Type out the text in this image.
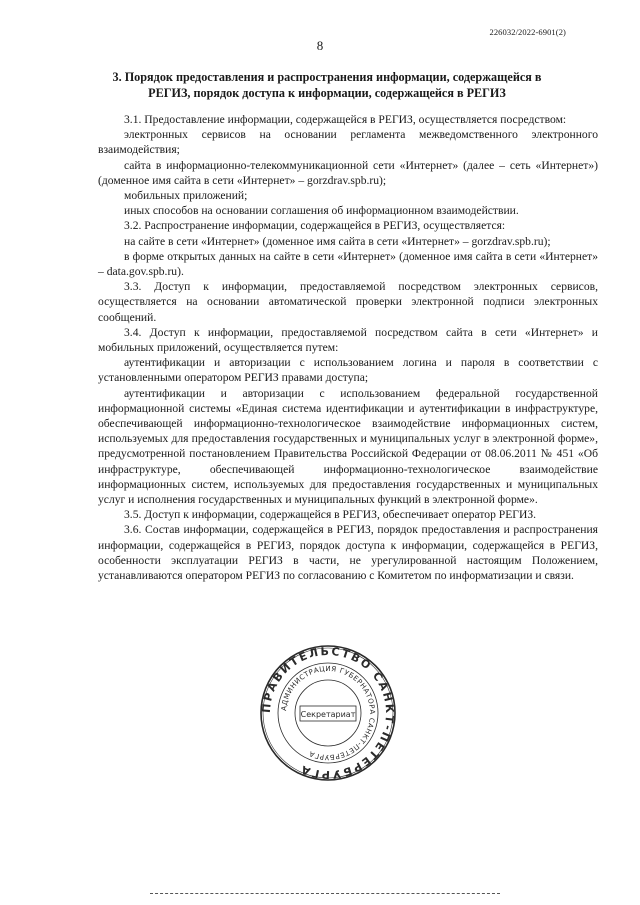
226032/2022-6901(2)
8
3. Порядок предоставления и распространения информации, содержащейся в РЕГИЗ, порядок доступа к информации, содержащейся в РЕГИЗ

3.1. Предоставление информации, содержащейся в РЕГИЗ, осуществляется посредством:

электронных сервисов на основании регламента межведомственного электронного взаимодействия;

сайта в информационно-телекоммуникационной сети «Интернет» (далее – сеть «Интернет») (доменное имя сайта в сети «Интернет» – gorzdrav.spb.ru);

мобильных приложений;

иных способов на основании соглашения об информационном взаимодействии.

3.2. Распространение информации, содержащейся в РЕГИЗ, осуществляется:

на сайте в сети «Интернет» (доменное имя сайта в сети «Интернет» – gorzdrav.spb.ru);

в форме открытых данных на сайте в сети «Интернет» (доменное имя сайта в сети «Интернет» – data.gov.spb.ru).

3.3. Доступ к информации, предоставляемой посредством электронных сервисов, осуществляется на основании автоматической проверки электронной подписи электронных сообщений.

3.4. Доступ к информации, предоставляемой посредством сайта в сети «Интернет» и мобильных приложений, осуществляется путем:

аутентификации и авторизации с использованием логина и пароля в соответствии с установленными оператором РЕГИЗ правами доступа;

аутентификации и авторизации с использованием федеральной государственной информационной системы «Единая система идентификации и аутентификации в инфраструктуре, обеспечивающей информационно-технологическое взаимодействие информационных систем, используемых для предоставления государственных и муниципальных услуг в электронной форме», предусмотренной постановлением Правительства Российской Федерации от 08.06.2011 № 451 «Об инфраструктуре, обеспечивающей информационно-технологическое взаимодействие информационных систем, используемых для предоставления государственных и муниципальных услуг и исполнения государственных и муниципальных функций в электронной форме».

3.5. Доступ к информации, содержащейся в РЕГИЗ, обеспечивает оператор РЕГИЗ.

3.6. Состав информации, содержащейся в РЕГИЗ, порядок предоставления и распространения информации, содержащейся в РЕГИЗ, порядок доступа к информации, содержащейся в РЕГИЗ, особенности эксплуатации РЕГИЗ в части, не урегулированной настоящим Положением, устанавливаются оператором РЕГИЗ по согласованию с Комитетом по информатизации и связи.

ПРАВИТЕЛЬСТВО САНКТ-ПЕТЕРБУРГА
АДМИНИСТРАЦИЯ ГУБЕРНАТОРА САНКТ-ПЕТЕРБУРГА
Секретариат
